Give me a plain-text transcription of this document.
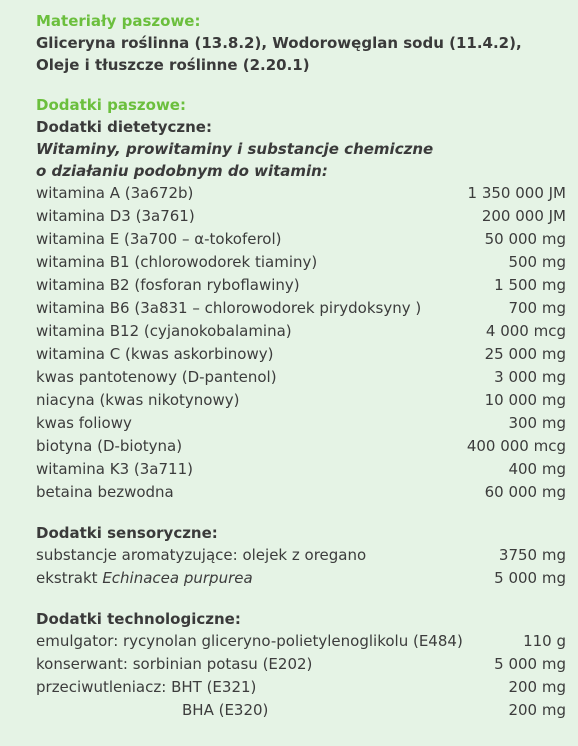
Materiały paszowe:
Gliceryna roślinna (13.8.2), Wodorowęglan sodu (11.4.2),
Oleje i tłuszcze roślinne (2.20.1)
Dodatki paszowe:
Dodatki dietetyczne:
Witaminy, prowitaminy i substancje chemiczne
o działaniu podobnym do witamin:
witamina A (3a672b)	1 350 000 JM
witamina D3 (3a761)	200 000 JM
witamina E (3a700 – α-tokoferol)	50 000 mg
witamina B1 (chlorowodorek tiaminy)	500 mg
witamina B2 (fosforan ryboflawiny)	1 500 mg
witamina B6 (3a831 – chlorowodorek pirydoksyny )	700 mg
witamina B12 (cyjanokobalamina)	4 000 mcg
witamina C (kwas askorbinowy)	25 000 mg
kwas pantotenowy (D-pantenol)	3 000 mg
niacyna (kwas nikotynowy)	10 000 mg
kwas foliowy	300 mg
biotyna (D-biotyna)	400 000 mcg
witamina K3 (3a711)	400 mg
betaina bezwodna	60 000 mg
Dodatki sensoryczne:
substancje aromatyzujące: olejek z oregano	3750 mg
ekstrakt Echinacea purpurea	5 000 mg
Dodatki technologiczne:
emulgator: rycynolan gliceryno-polietylenoglikolu (E484)	110 g
konserwant: sorbinian potasu (E202)	5 000 mg
przeciwutleniacz: BHT (E321)	200 mg
BHA (E320)	200 mg
